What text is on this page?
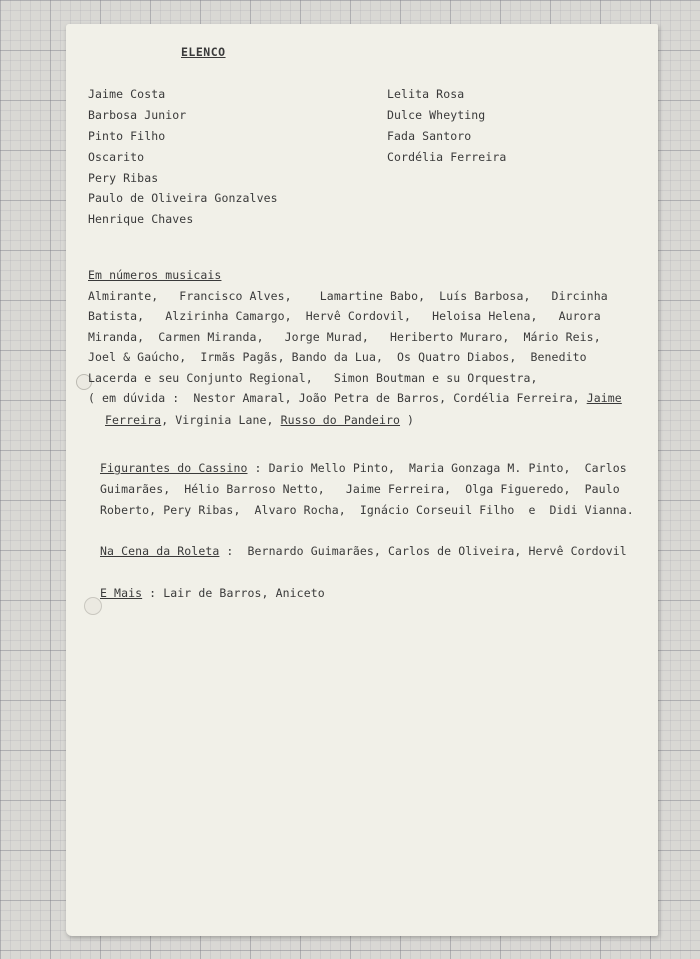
ELENCO
Jaime Costa
Barbosa Junior
Pinto Filho
Oscarito
Pery Ribas
Paulo de Oliveira Gonzalves
Henrique Chaves
Lelita Rosa
Dulce Wheyting
Fada Santoro
Cordélia Ferreira
Em números musicais
Almirante,   Francisco Alves,    Lamartine Babo,  Luís Barbosa,   Dircinha
Batista,   Alzirinha Camargo,  Hervê Cordovil,   Heloisa Helena,   Aurora
Miranda,  Carmen Miranda,   Jorge Murad,   Heriberto Muraro,  Mário Reis,
Joel & Gaúcho,  Irmãs Pagãs, Bando da Lua,  Os Quatro Diabos,  Benedito
Lacerda e seu Conjunto Regional,   Simon Boutman e su Orquestra,
( em dúvida :  Nestor Amaral, João Petra de Barros, Cordélia Ferreira, Jaime
Ferreira, Virginia Lane, Russo do Pandeiro )
Figurantes do Cassino : Dario Mello Pinto,  Maria Gonzaga M. Pinto,  Carlos
Guimarães,  Hélio Barroso Netto,   Jaime Ferreira,  Olga Figueredo,  Paulo
Roberto, Pery Ribas,  Alvaro Rocha,  Ignácio Corseuil Filho  e  Didi Vianna.
Na Cena da Roleta :  Bernardo Guimarães, Carlos de Oliveira, Hervê Cordovil
E Mais : Lair de Barros, Aniceto
